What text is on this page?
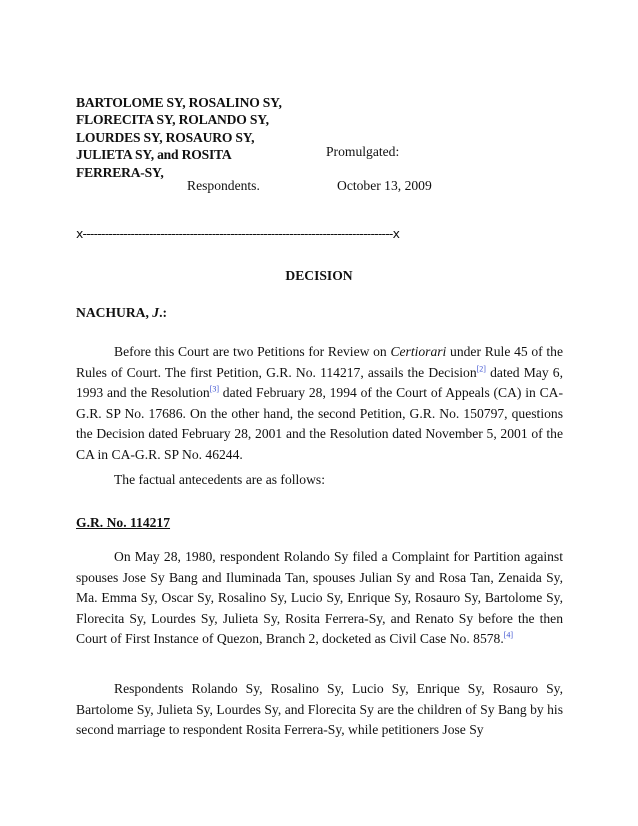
BARTOLOME SY, ROSALINO SY,
FLORECITA SY, ROLANDO SY,
LOURDES SY, ROSAURO SY,
JULIETA SY, and ROSITA
FERRERA-SY,
Promulgated:
Respondents.	October 13, 2009
x------------------------------------------------------------------------------------x
DECISION
NACHURA, J.:

Before this Court are two Petitions for Review on Certiorari under Rule 45 of the Rules of Court. The first Petition, G.R. No. 114217, assails the Decision[2] dated May 6, 1993 and the Resolution[3] dated February 28, 1994 of the Court of Appeals (CA) in CA-G.R. SP No. 17686. On the other hand, the second Petition, G.R. No. 150797, questions the Decision dated February 28, 2001 and the Resolution dated November 5, 2001 of the CA in CA-G.R. SP No. 46244.

The factual antecedents are as follows:

G.R. No. 114217

On May 28, 1980, respondent Rolando Sy filed a Complaint for Partition against spouses Jose Sy Bang and Iluminada Tan, spouses Julian Sy and Rosa Tan, Zenaida Sy, Ma. Emma Sy, Oscar Sy, Rosalino Sy, Lucio Sy, Enrique Sy, Rosauro Sy, Bartolome Sy, Florecita Sy, Lourdes Sy, Julieta Sy, Rosita Ferrera-Sy, and Renato Sy before the then Court of First Instance of Quezon, Branch 2, docketed as Civil Case No. 8578.[4]

Respondents Rolando Sy, Rosalino Sy, Lucio Sy, Enrique Sy, Rosauro Sy, Bartolome Sy, Julieta Sy, Lourdes Sy, and Florecita Sy are the children of Sy Bang by his second marriage to respondent Rosita Ferrera-Sy, while petitioners Jose Sy
